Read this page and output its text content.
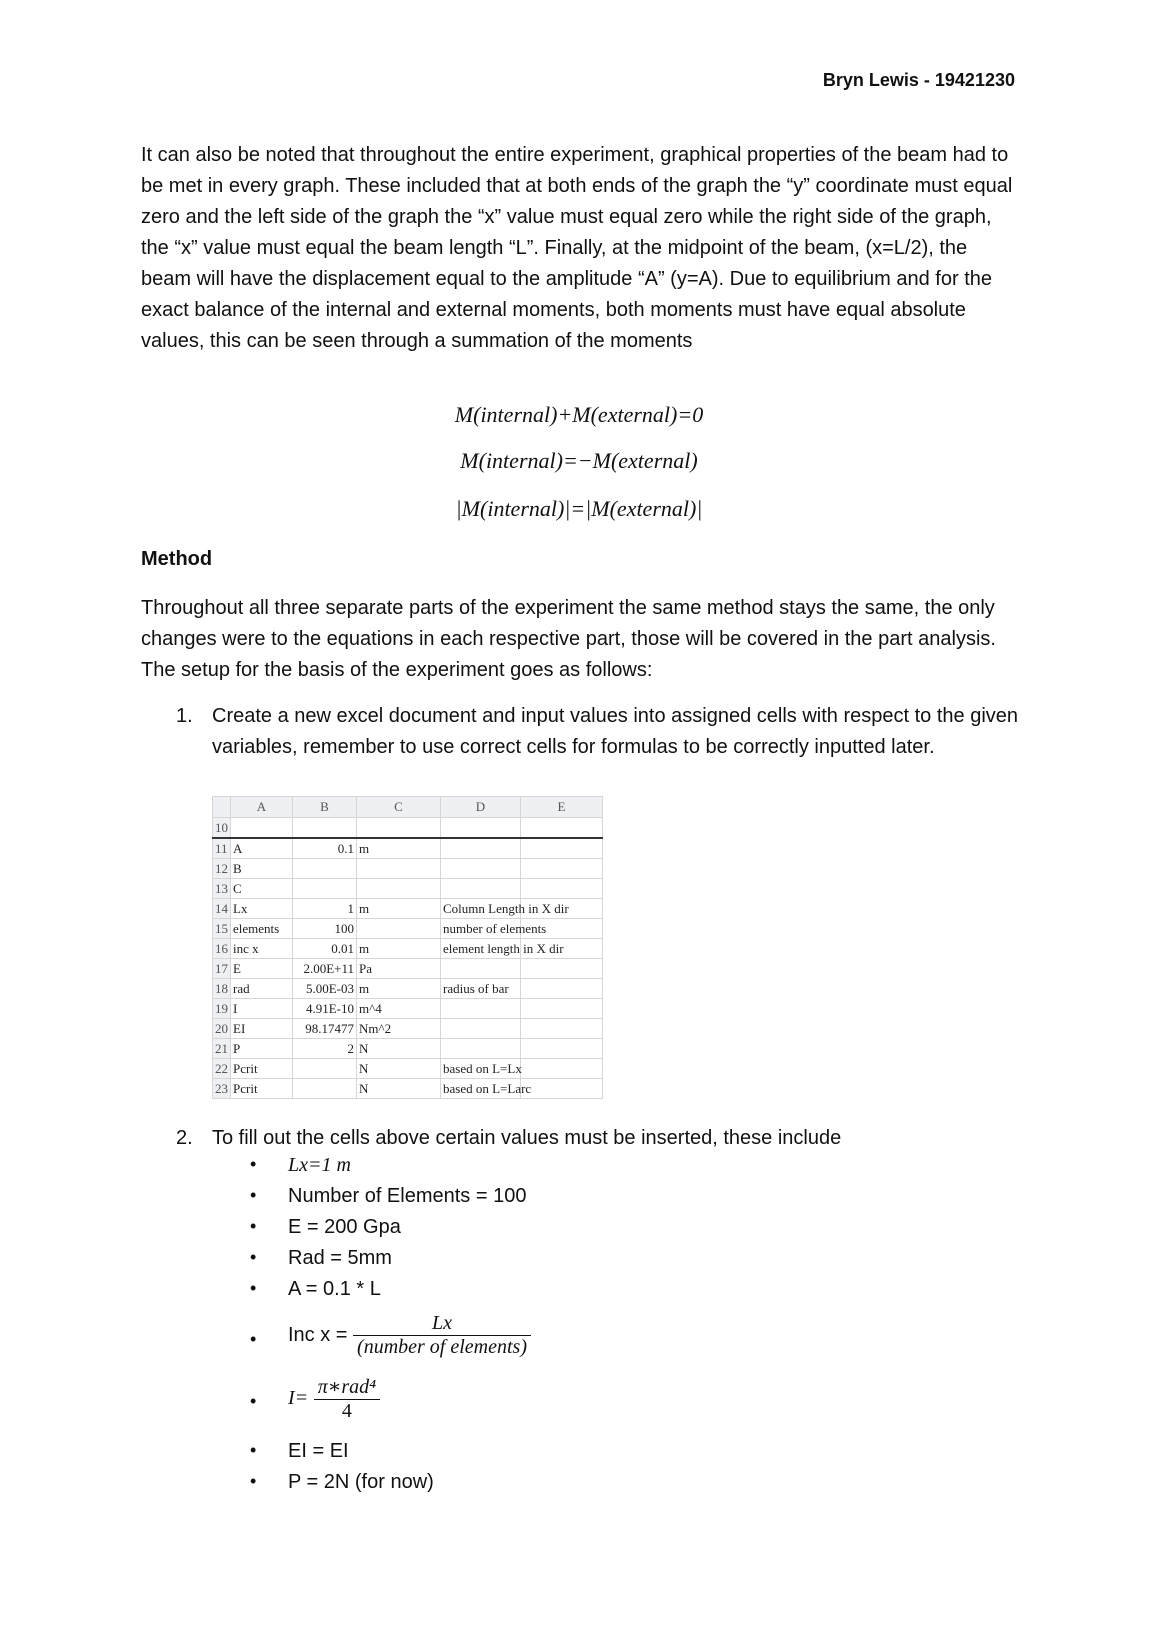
Bryn Lewis - 19421230
It can also be noted that throughout the entire experiment, graphical properties of the beam had to be met in every graph. These included that at both ends of the graph the “y” coordinate must equal zero and the left side of the graph the “x” value must equal zero while the right side of the graph, the “x” value must equal the beam length “L”. Finally, at the midpoint of the beam, (x=L/2), the beam will have the displacement equal to the amplitude “A” (y=A). Due to equilibrium and for the exact balance of the internal and external moments, both moments must have equal absolute values, this can be seen through a summation of the moments
M(internal)+M(external)=0
M(internal)=−M(external)
|M(internal)|=|M(external)|
Method
Throughout all three separate parts of the experiment the same method stays the same, the only changes were to the equations in each respective part, those will be covered in the part analysis. The setup for the basis of the experiment goes as follows:
1. Create a new excel document and input values into assigned cells with respect to the given variables, remember to use correct cells for formulas to be correctly inputted later.
	A	B	C	D	E
10					
11	A	0.1	m		
12	B				
13	C				
14	Lx	1	m	Column Length in X dir	
15	elements	100		number of elements	
16	inc x	0.01	m	element length in X dir	
17	E	2.00E+11	Pa		
18	rad	5.00E-03	m	radius of bar	
19	I	4.91E-10	m^4		
20	EI	98.17477	Nm^2		
21	P	2	N		
22	Pcrit		N	based on L=Lx	
23	Pcrit		N	based on L=Larc	
2. To fill out the cells above certain values must be inserted, these include
• Lx=1 m
• Number of Elements = 100
• E = 200 Gpa
• Rad = 5mm
• A = 0.1 * L
• Inc $x = \frac{Lx}{\text{(number of elements)}}$
• $I= \frac{\text{π∗rad⁴}}{4}$
• EI = EI
• P = 2N (for now)
